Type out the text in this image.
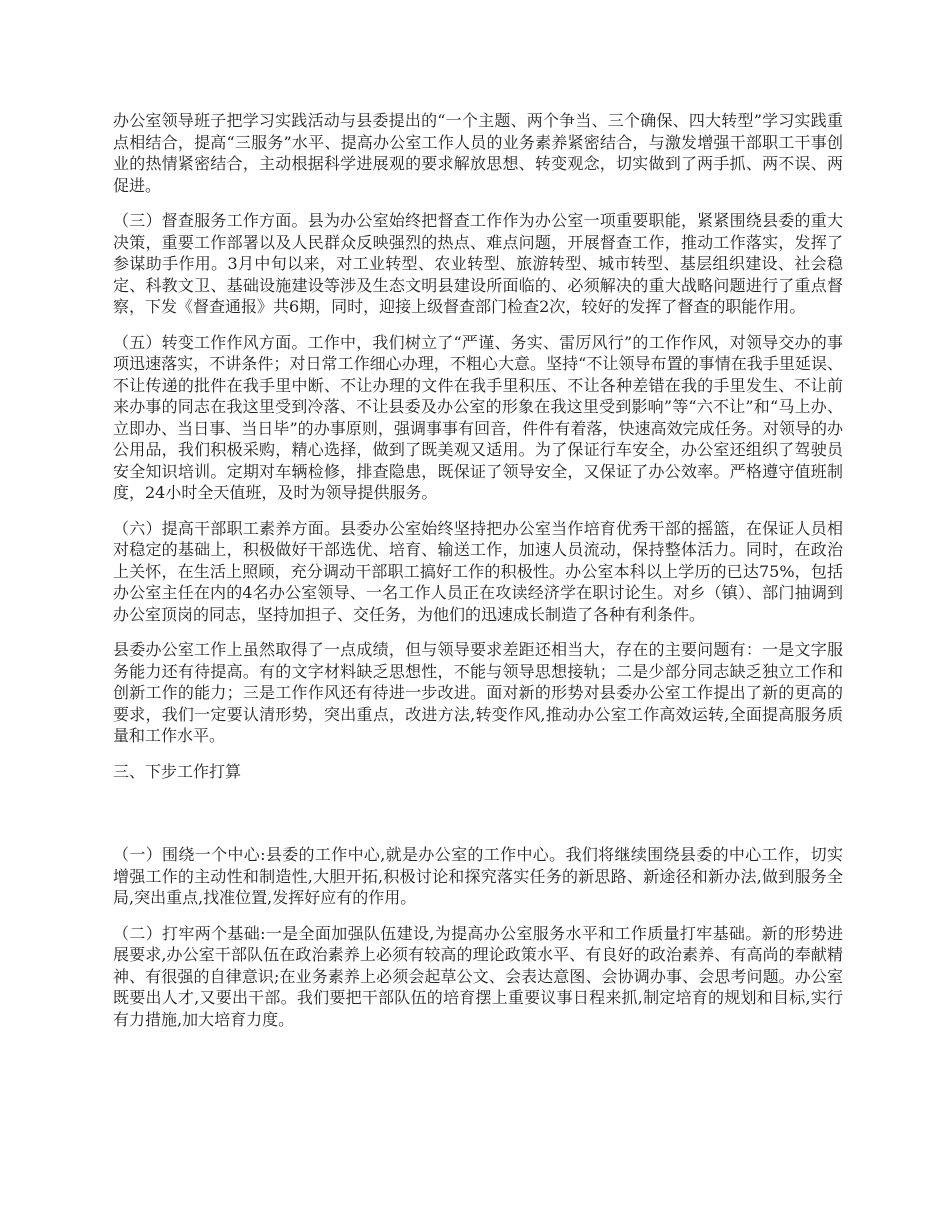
办公室领导班子把学习实践活动与县委提出的“一个主题、两个争当、三个确保、四大转型”学习实践重点相结合，提高“三服务”水平、提高办公室工作人员的业务素养紧密结合，与激发增强干部职工干事创业的热情紧密结合，主动根据科学进展观的要求解放思想、转变观念，切实做到了两手抓、两不误、两促进。

（三）督查服务工作方面。县为办公室始终把督查工作作为办公室一项重要职能，紧紧围绕县委的重大决策，重要工作部署以及人民群众反映强烈的热点、难点问题，开展督查工作，推动工作落实，发挥了参谋助手作用。3月中旬以来，对工业转型、农业转型、旅游转型、城市转型、基层组织建设、社会稳定、科教文卫、基础设施建设等涉及生态文明县建设所面临的、必须解决的重大战略问题进行了重点督察，下发《督查通报》共6期，同时，迎接上级督查部门检查2次，较好的发挥了督查的职能作用。

（五）转变工作作风方面。工作中，我们树立了“严谨、务实、雷厉风行”的工作作风，对领导交办的事项迅速落实，不讲条件；对日常工作细心办理，不粗心大意。坚持“不让领导布置的事情在我手里延误、不让传递的批件在我手里中断、不让办理的文件在我手里积压、不让各种差错在我的手里发生、不让前来办事的同志在我这里受到冷落、不让县委及办公室的形象在我这里受到影响”等“六不让”和“马上办、立即办、当日事、当日毕”的办事原则，强调事事有回音，件件有着落，快速高效完成任务。对领导的办公用品，我们积极采购，精心选择，做到了既美观又适用。为了保证行车安全，办公室还组织了驾驶员安全知识培训。定期对车辆检修，排查隐患，既保证了领导安全，又保证了办公效率。严格遵守值班制度，24小时全天值班，及时为领导提供服务。

（六）提高干部职工素养方面。县委办公室始终坚持把办公室当作培育优秀干部的摇篮，在保证人员相对稳定的基础上，积极做好干部选优、培育、输送工作，加速人员流动，保持整体活力。同时，在政治上关怀，在生活上照顾，充分调动干部职工搞好工作的积极性。办公室本科以上学历的已达75%，包括办公室主任在内的4名办公室领导、一名工作人员正在攻读经济学在职讨论生。对乡（镇）、部门抽调到办公室顶岗的同志，坚持加担子、交任务，为他们的迅速成长制造了各种有利条件。

县委办公室工作上虽然取得了一点成绩，但与领导要求差距还相当大，存在的主要问题有：一是文字服务能力还有待提高。有的文字材料缺乏思想性，不能与领导思想接轨；二是少部分同志缺乏独立工作和创新工作的能力；三是工作作风还有待进一步改进。面对新的形势对县委办公室工作提出了新的更高的要求，我们一定要认清形势，突出重点，改进方法,转变作风,推动办公室工作高效运转,全面提高服务质量和工作水平。

三、下步工作打算

（一）围绕一个中心:县委的工作中心,就是办公室的工作中心。我们将继续围绕县委的中心工作，切实增强工作的主动性和制造性,大胆开拓,积极讨论和探究落实任务的新思路、新途径和新办法,做到服务全局,突出重点,找准位置,发挥好应有的作用。

（二）打牢两个基础:一是全面加强队伍建设,为提高办公室服务水平和工作质量打牢基础。新的形势进展要求,办公室干部队伍在政治素养上必须有较高的理论政策水平、有良好的政治素养、有高尚的奉献精神、有很强的自律意识;在业务素养上必须会起草公文、会表达意图、会协调办事、会思考问题。办公室既要出人才,又要出干部。我们要把干部队伍的培育摆上重要议事日程来抓,制定培育的规划和目标,实行有力措施,加大培育力度。
